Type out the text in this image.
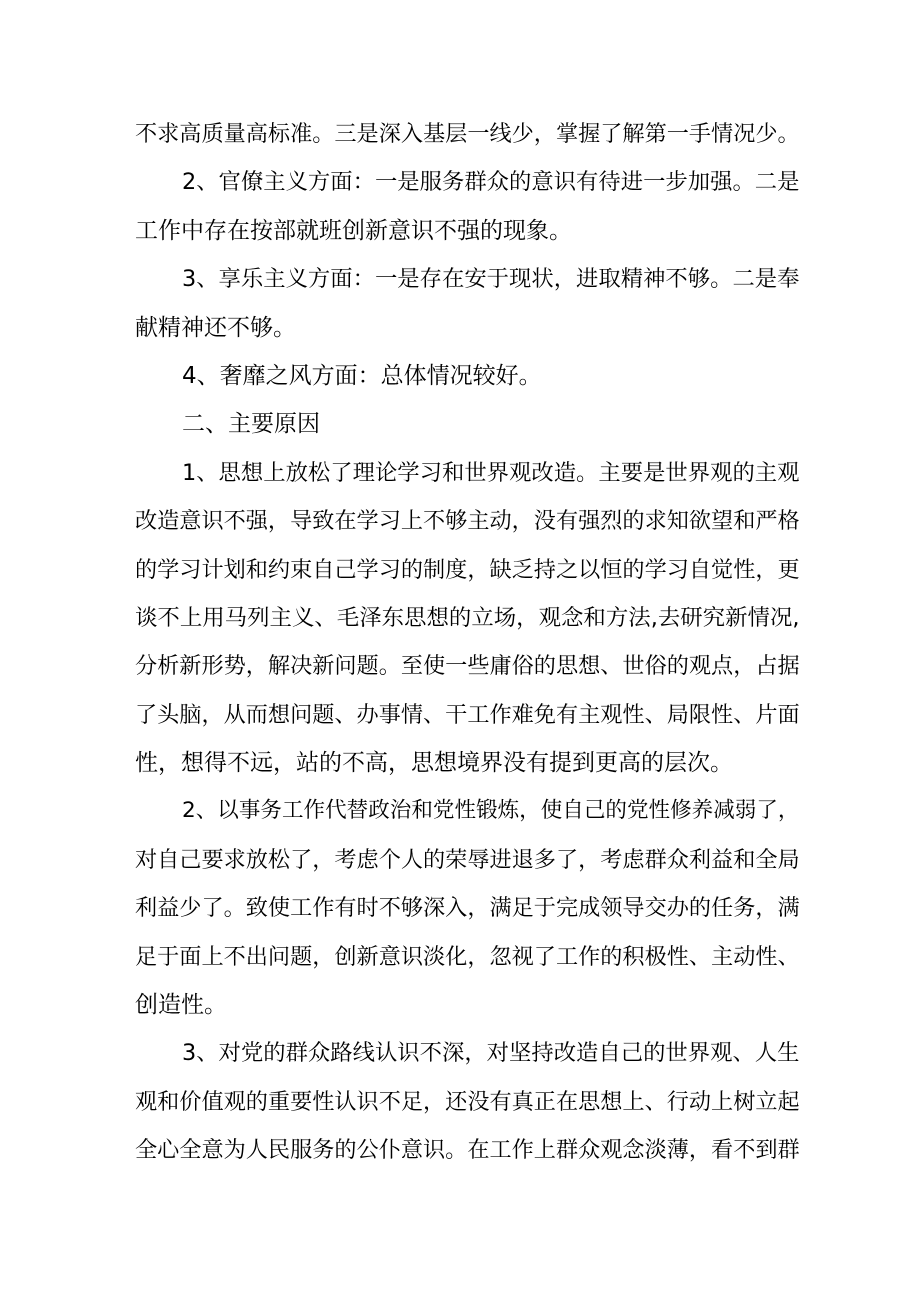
不求高质量高标准。三是深入基层一线少，掌握了解第一手情况少。
2、官僚主义方面：一是服务群众的意识有待进一步加强。二是
工作中存在按部就班创新意识不强的现象。
3、享乐主义方面：一是存在安于现状，进取精神不够。二是奉
献精神还不够。
4、奢靡之风方面：总体情况较好。
二、主要原因
1、思想上放松了理论学习和世界观改造。主要是世界观的主观
改造意识不强，导致在学习上不够主动，没有强烈的求知欲望和严格
的学习计划和约束自己学习的制度，缺乏持之以恒的学习自觉性，更
谈不上用马列主义、毛泽东思想的立场，观念和方法,去研究新情况,
分析新形势，解决新问题。至使一些庸俗的思想、世俗的观点，占据
了头脑，从而想问题、办事情、干工作难免有主观性、局限性、片面
性，想得不远，站的不高，思想境界没有提到更高的层次。
2、以事务工作代替政治和党性锻炼，使自己的党性修养减弱了，
对自己要求放松了，考虑个人的荣辱进退多了，考虑群众利益和全局
利益少了。致使工作有时不够深入，满足于完成领导交办的任务，满
足于面上不出问题，创新意识淡化，忽视了工作的积极性、主动性、
创造性。
3、对党的群众路线认识不深，对坚持改造自己的世界观、人生
观和价值观的重要性认识不足，还没有真正在思想上、行动上树立起
全心全意为人民服务的公仆意识。在工作上群众观念淡薄，看不到群
